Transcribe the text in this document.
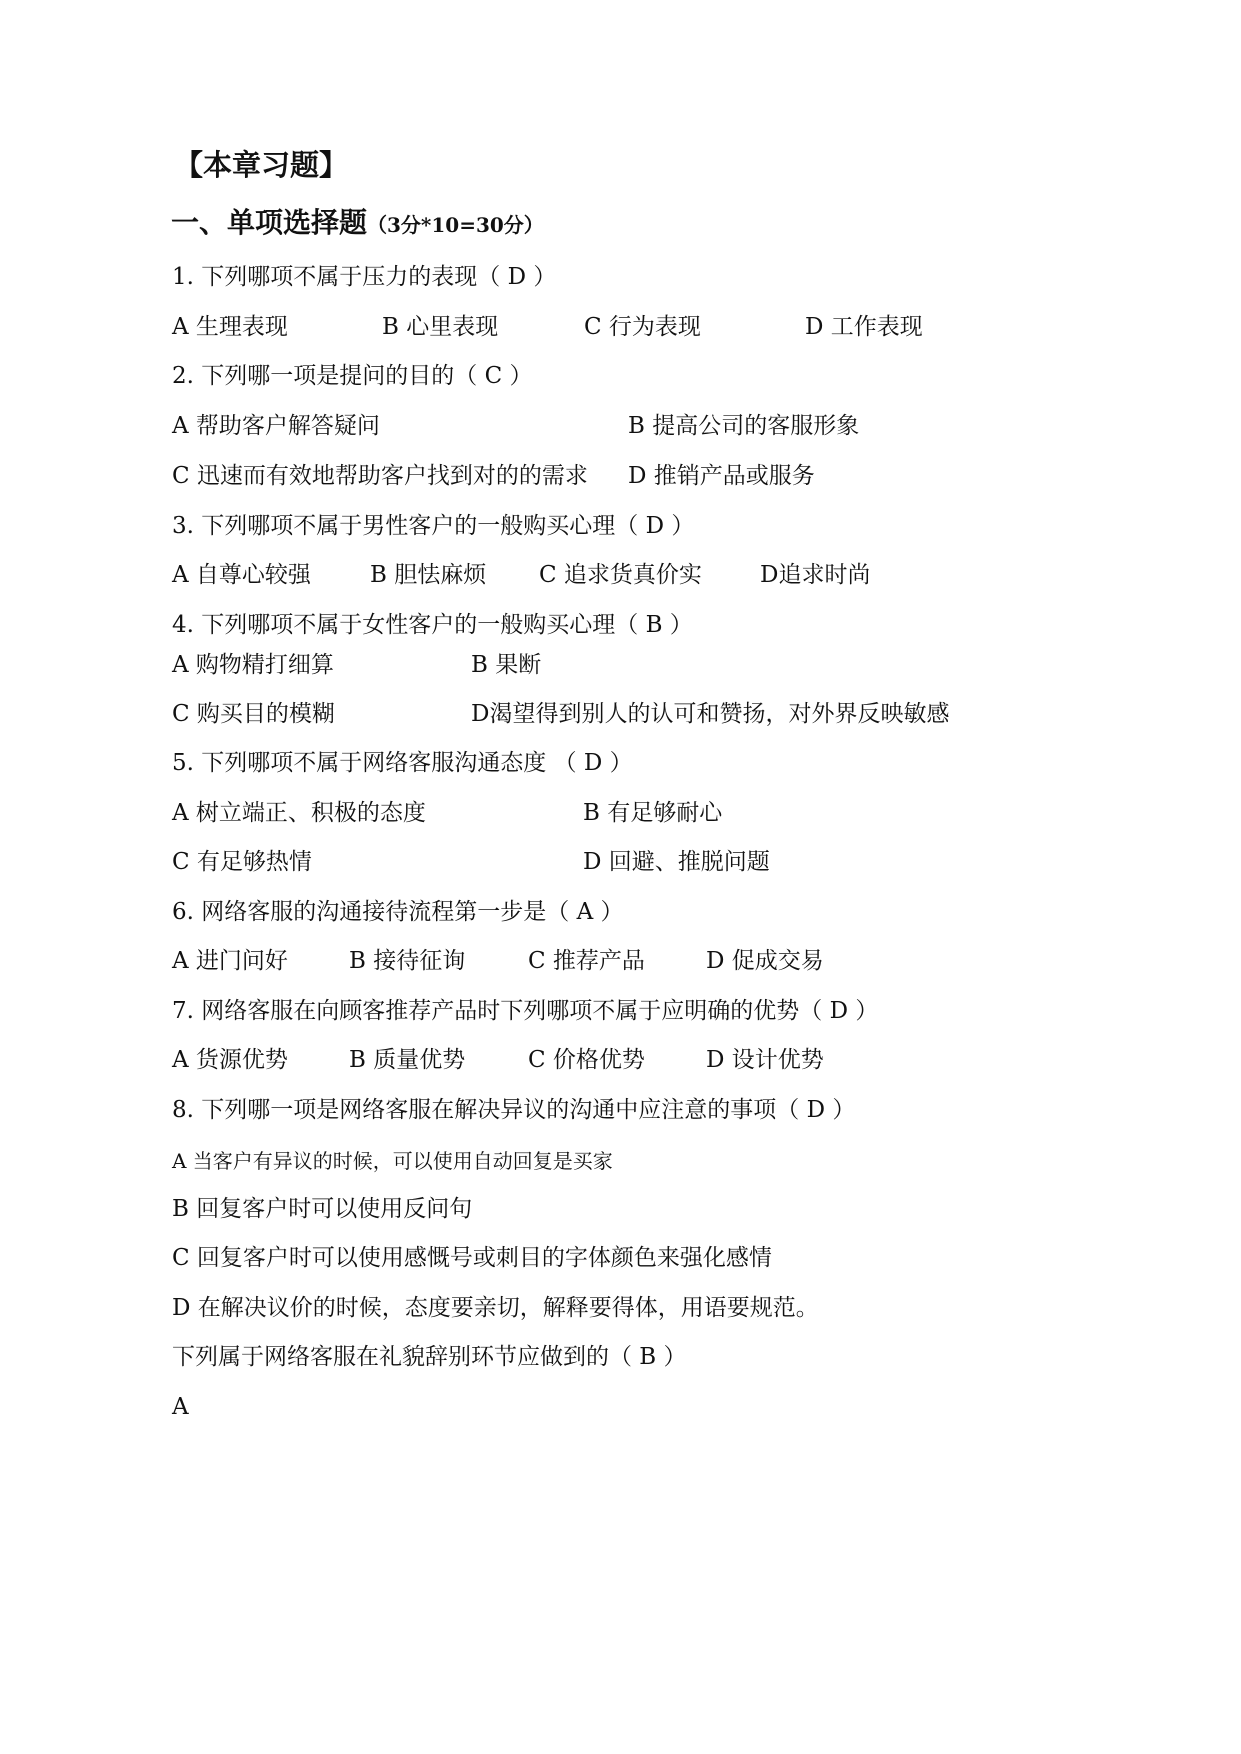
【本章习题】
一、单项选择题（3分*10=30分）
1. 下列哪项不属于压力的表现（ D ）
A 生理表现	B 心里表现	C 行为表现	D 工作表现
2. 下列哪一项是提问的目的（ C ）
A 帮助客户解答疑问	B 提高公司的客服形象
C 迅速而有效地帮助客户找到对的的需求 D 推销产品或服务
3. 下列哪项不属于男性客户的一般购买心理（ D ）
A 自尊心较强	B 胆怯麻烦 C 追求货真价实	D追求时尚
4. 下列哪项不属于女性客户的一般购买心理（ B ）
A 购物精打细算	B 果断
C 购买目的模糊	D渴望得到别人的认可和赞扬，对外界反映敏感
5. 下列哪项不属于网络客服沟通态度 （ D ）
A 树立端正、积极的态度	B 有足够耐心
C 有足够热情	D 回避、推脱问题
6. 网络客服的沟通接待流程第一步是（ A ）
A 进门问好	B 接待征询	C 推荐产品	D 促成交易
7. 网络客服在向顾客推荐产品时下列哪项不属于应明确的优势（ D ）
A 货源优势	B 质量优势	C 价格优势	D 设计优势
8. 下列哪一项是网络客服在解决异议的沟通中应注意的事项（ D ）
A 当客户有异议的时候，可以使用自动回复是买家
B 回复客户时可以使用反问句
C 回复客户时可以使用感慨号或刺目的字体颜色来强化感情
D 在解决议价的时候，态度要亲切，解释要得体，用语要规范。
下列属于网络客服在礼貌辞别环节应做到的（ B ）
A
